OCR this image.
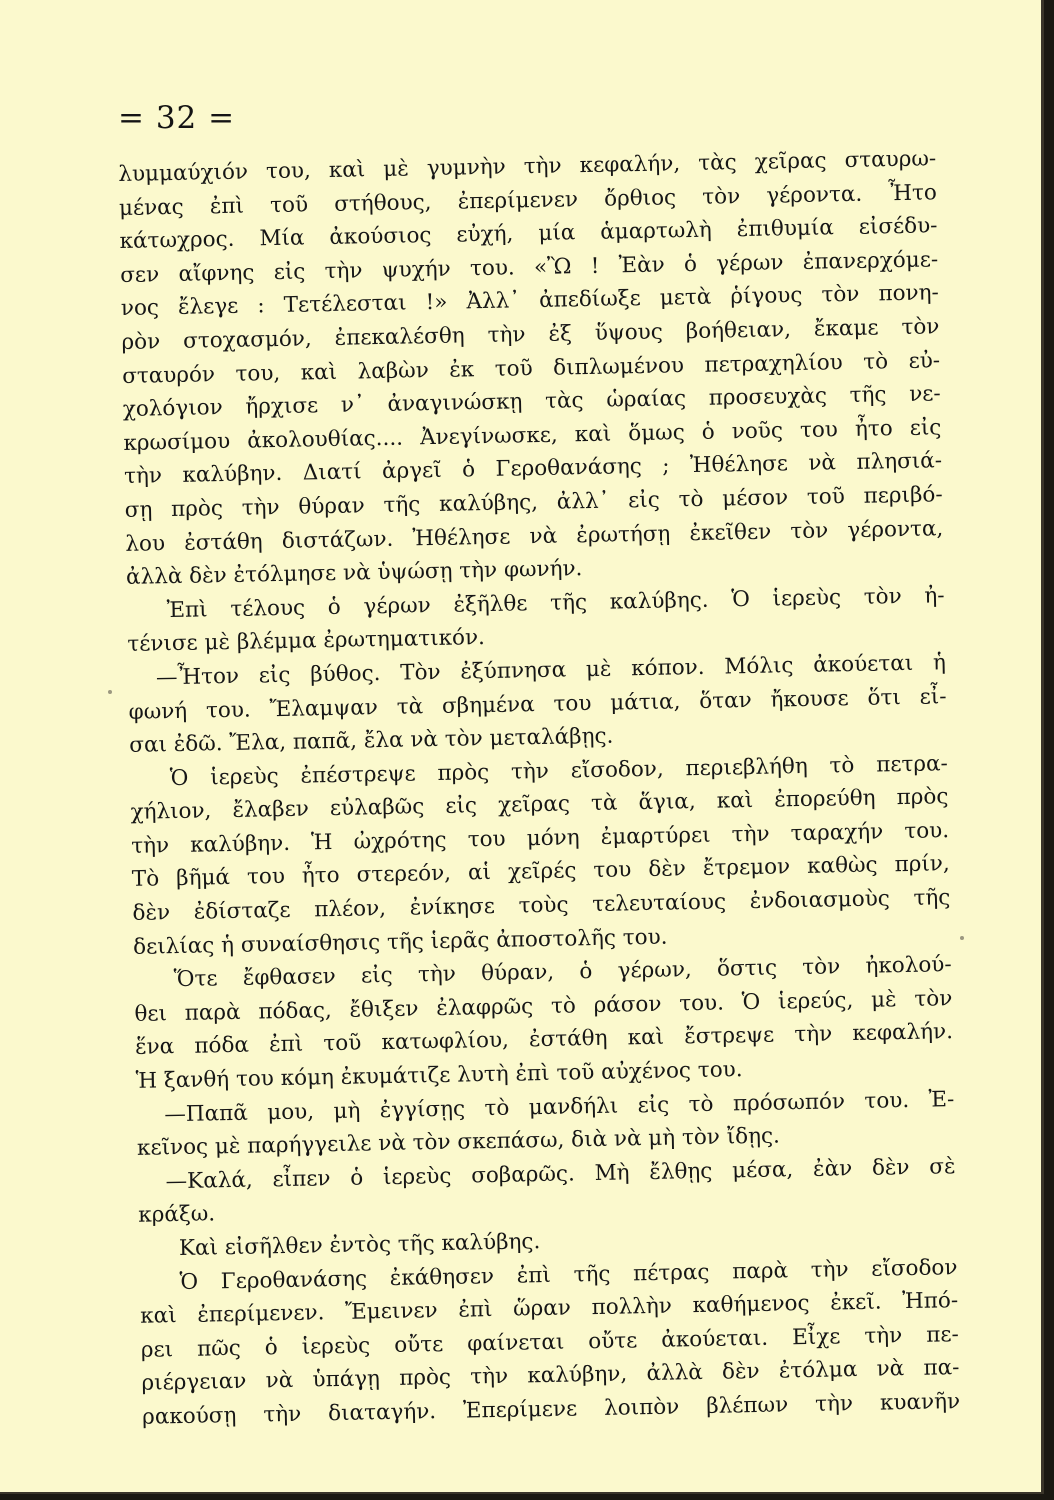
= 32 =
λυμμαύχιόν του, καὶ μὲ γυμνὴν τὴν κεφαλήν, τὰς χεῖρας σταυρω-
μένας ἐπὶ τοῦ στήθους, ἐπερίμενεν ὄρθιος τὸν γέροντα. Ἦτο
κάτωχρος. Μία ἀκούσιος εὐχή, μία ἁμαρτωλὴ ἐπιθυμία εἰσέδυ-
σεν αἴφνης εἰς τὴν ψυχήν του. «Ὢ ! Ἐὰν ὁ γέρων ἐπανερχόμε-
νος ἔλεγε : Τετέλεσται !» Ἀλλ᾿ ἀπεδίωξε μετὰ ῥίγους τὸν πονη-
ρὸν στοχασμόν, ἐπεκαλέσθη τὴν ἐξ ὕψους βοήθειαν, ἔκαμε τὸν
σταυρόν του, καὶ λαβὼν ἐκ τοῦ διπλωμένου πετραχηλίου τὸ εὐ-
χολόγιον ἤρχισε ν᾿ ἀναγινώσκῃ τὰς ὡραίας προσευχὰς τῆς νε-
κρωσίμου ἀκολουθίας.... Ἀνεγίνωσκε, καὶ ὅμως ὁ νοῦς του ἦτο εἰς
τὴν καλύβην. Διατί ἀργεῖ ὁ Γεροθανάσης ; Ἠθέλησε νὰ πλησιά-
σῃ πρὸς τὴν θύραν τῆς καλύβης, ἀλλ᾿ εἰς τὸ μέσον τοῦ περιβό-
λου ἐστάθη διστάζων. Ἠθέλησε νὰ ἐρωτήσῃ ἐκεῖθεν τὸν γέροντα,
ἀλλὰ δὲν ἐτόλμησε νὰ ὑψώσῃ τὴν φωνήν.
Ἐπὶ τέλους ὁ γέρων ἐξῆλθε τῆς καλύβης. Ὁ ἱερεὺς τὸν ἠ-
τένισε μὲ βλέμμα ἐρωτηματικόν.
—Ἦτον εἰς βύθος. Τὸν ἐξύπνησα μὲ κόπον. Μόλις ἀκούεται ἡ
φωνή του. Ἔλαμψαν τὰ σβημένα του μάτια, ὅταν ἤκουσε ὅτι εἶ-
σαι ἐδῶ. Ἔλα, παπᾶ, ἔλα νὰ τὸν μεταλάβῃς.
Ὁ ἱερεὺς ἐπέστρεψε πρὸς τὴν εἴσοδον, περιεβλήθη τὸ πετρα-
χήλιον, ἔλαβεν εὐλαβῶς εἰς χεῖρας τὰ ἅγια, καὶ ἐπορεύθη πρὸς
τὴν καλύβην. Ἡ ὠχρότης του μόνη ἐμαρτύρει τὴν ταραχήν του.
Τὸ βῆμά του ἦτο στερεόν, αἱ χεῖρές του δὲν ἔτρεμον καθὼς πρίν,
δὲν ἐδίσταζε πλέον, ἐνίκησε τοὺς τελευταίους ἐνδοιασμοὺς τῆς
δειλίας ἡ συναίσθησις τῆς ἱερᾶς ἀποστολῆς του.
Ὅτε ἔφθασεν εἰς τὴν θύραν, ὁ γέρων, ὅστις τὸν ἠκολού-
θει παρὰ πόδας, ἔθιξεν ἐλαφρῶς τὸ ράσον του. Ὁ ἱερεύς, μὲ τὸν
ἕνα πόδα ἐπὶ τοῦ κατωφλίου, ἐστάθη καὶ ἔστρεψε τὴν κεφαλήν.
Ἡ ξανθή του κόμη ἐκυμάτιζε λυτὴ ἐπὶ τοῦ αὐχένος του.
—Παπᾶ μου, μὴ ἐγγίσῃς τὸ μανδήλι εἰς τὸ πρόσωπόν του. Ἐ-
κεῖνος μὲ παρήγγειλε νὰ τὸν σκεπάσω, διὰ νὰ μὴ τὸν ἴδῃς.
—Καλά, εἶπεν ὁ ἱερεὺς σοβαρῶς. Μὴ ἔλθῃς μέσα, ἐὰν δὲν σὲ
κράξω.
Καὶ εἰσῆλθεν ἐντὸς τῆς καλύβης.
Ὁ Γεροθανάσης ἐκάθησεν ἐπὶ τῆς πέτρας παρὰ τὴν εἴσοδον
καὶ ἐπερίμενεν. Ἔμεινεν ἐπὶ ὥραν πολλὴν καθήμενος ἐκεῖ. Ἠπό-
ρει πῶς ὁ ἱερεὺς οὔτε φαίνεται οὔτε ἀκούεται. Εἶχε τὴν πε-
ριέργειαν νὰ ὑπάγῃ πρὸς τὴν καλύβην, ἀλλὰ δὲν ἐτόλμα νὰ πα-
ρακούσῃ τὴν διαταγήν. Ἐπερίμενε λοιπὸν βλέπων τὴν κυανῆν
